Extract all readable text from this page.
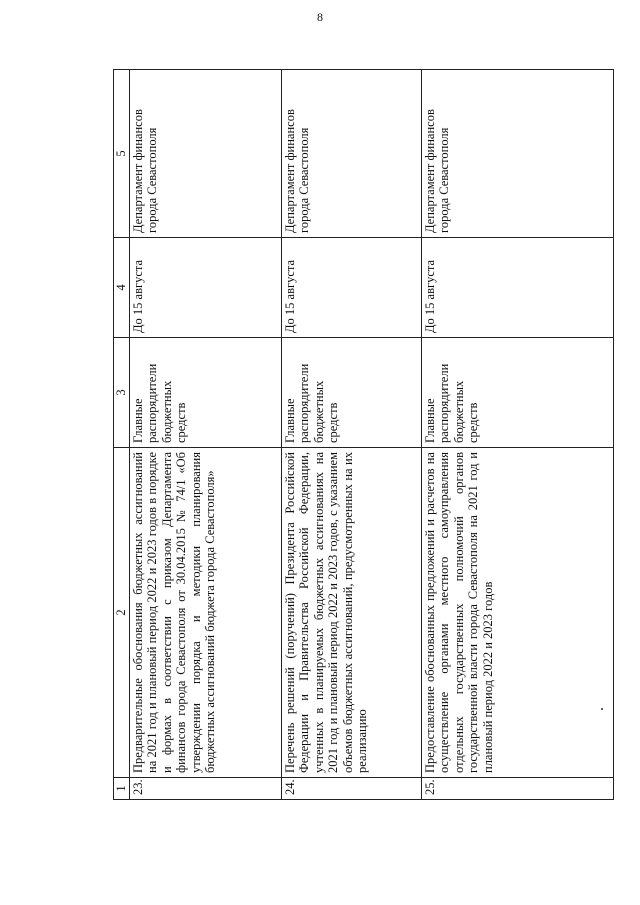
8
1	2	3	4	5
23.	Предварительные обоснования бюджетных ассигнований на 2021 год и плановый период 2022 и 2023 годов в порядке и формах в соответствии с приказом Департамента финансов города Севастополя от 30.04.2015 № 74/1 «Об утверждении порядка и методики планирования бюджетных ассигнований бюджета города Севастополя»	Главные распорядители бюджетных средств	До 15 августа	Департамент финансов города Севастополя
24.	Перечень решений (поручений) Президента Российской Федерации и Правительства Российской Федерации, учтенных в планируемых бюджетных ассигнованиях на 2021 год и плановый период 2022 и 2023 годов, с указанием объемов бюджетных ассигнований, предусмотренных на их реализацию	Главные распорядители бюджетных средств	До 15 августа	Департамент финансов города Севастополя
25.	Предоставление обоснованных предложений и расчетов на осуществление органами местного самоуправления отдельных государственных полномочий органов государственной власти города Севастополя на 2021 год и плановый период 2022 и 2023 годов	Главные распорядители бюджетных средств	До 15 августа	Департамент финансов города Севастополя
